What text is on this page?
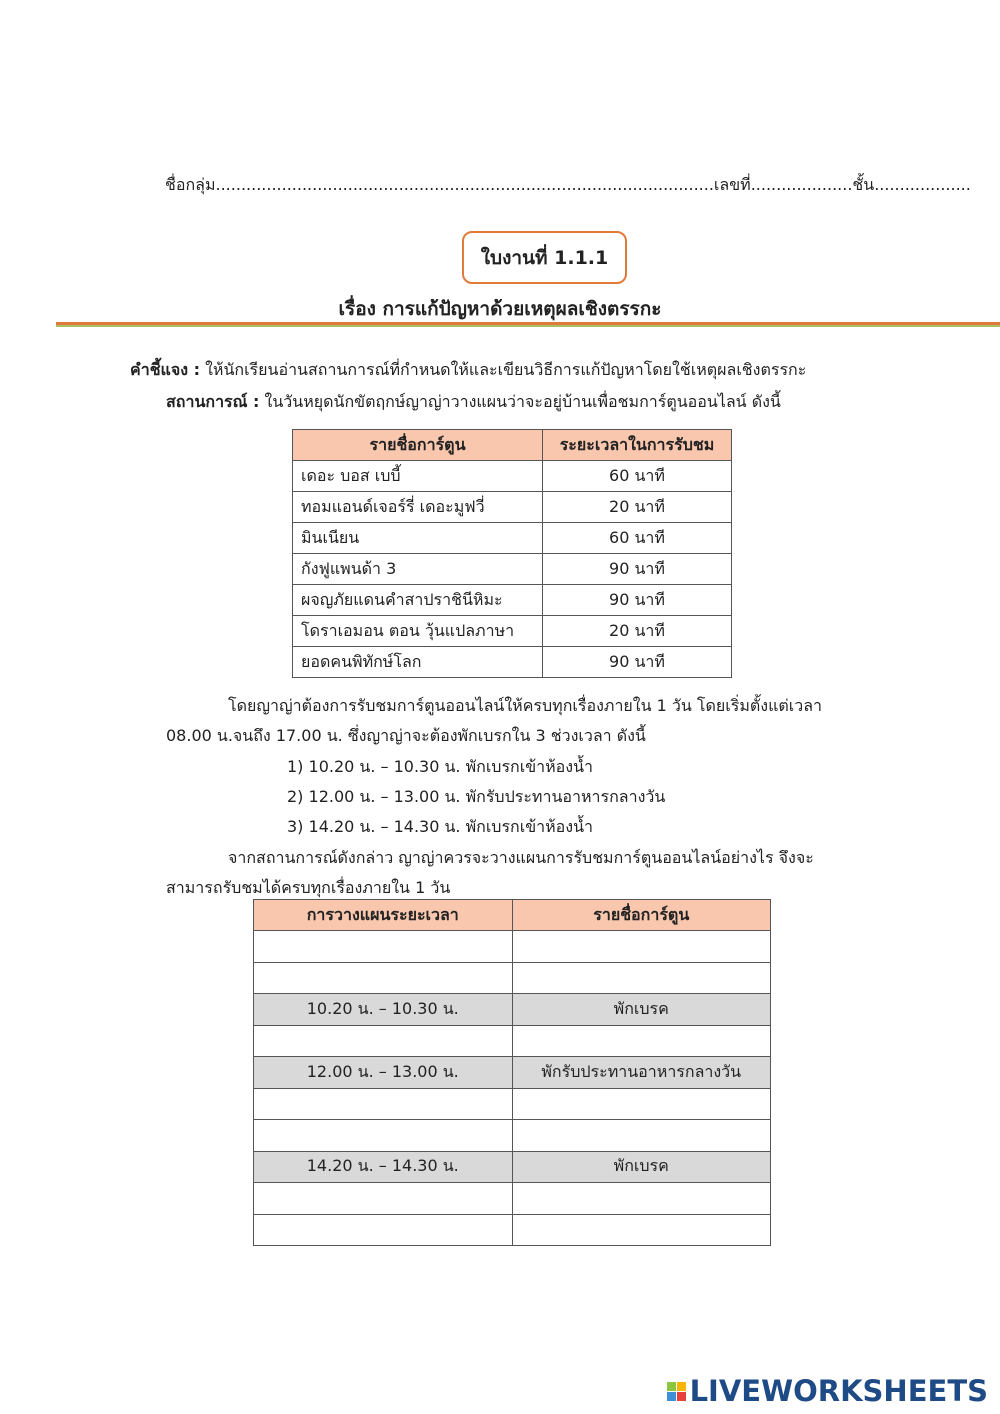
ชื่อกลุ่ม..................................................................................................เลขที่....................ชั้น...................
ใบงานที่ 1.1.1
เรื่อง การแก้ปัญหาด้วยเหตุผลเชิงตรรกะ
คำชี้แจง : ให้นักเรียนอ่านสถานการณ์ที่กำหนดให้และเขียนวิธีการแก้ปัญหาโดยใช้เหตุผลเชิงตรรกะ
สถานการณ์ : ในวันหยุดนักขัตฤกษ์ญาญ่าวางแผนว่าจะอยู่บ้านเพื่อชมการ์ตูนออนไลน์ ดังนี้
รายชื่อการ์ตูน	ระยะเวลาในการรับชม
เดอะ บอส เบบี้	60 นาที
ทอมแอนด์เจอร์รี่ เดอะมูฟวี่	20 นาที
มินเนียน	60 นาที
กังฟูแพนด้า 3	90 นาที
ผจญภัยแดนคำสาปราชินีหิมะ	90 นาที
โดราเอมอน ตอน วุ้นแปลภาษา	20 นาที
ยอดคนพิทักษ์โลก	90 นาที
โดยญาญ่าต้องการรับชมการ์ตูนออนไลน์ให้ครบทุกเรื่องภายใน 1 วัน โดยเริ่มตั้งแต่เวลา
08.00 น.จนถึง 17.00 น. ซึ่งญาญ่าจะต้องพักเบรกใน 3 ช่วงเวลา ดังนี้
1) 10.20 น. – 10.30 น. พักเบรกเข้าห้องน้ำ
2) 12.00 น. – 13.00 น. พักรับประทานอาหารกลางวัน
3) 14.20 น. – 14.30 น. พักเบรกเข้าห้องน้ำ
จากสถานการณ์ดังกล่าว ญาญ่าควรจะวางแผนการรับชมการ์ตูนออนไลน์อย่างไร จึงจะ
สามารถรับชมได้ครบทุกเรื่องภายใน 1 วัน
การวางแผนระยะเวลา	รายชื่อการ์ตูน

10.20 น. – 10.30 น.	พักเบรค

12.00 น. – 13.00 น.	พักรับประทานอาหารกลางวัน

14.20 น. – 14.30 น.	พักเบรค

LIVEWORKSHEETS
